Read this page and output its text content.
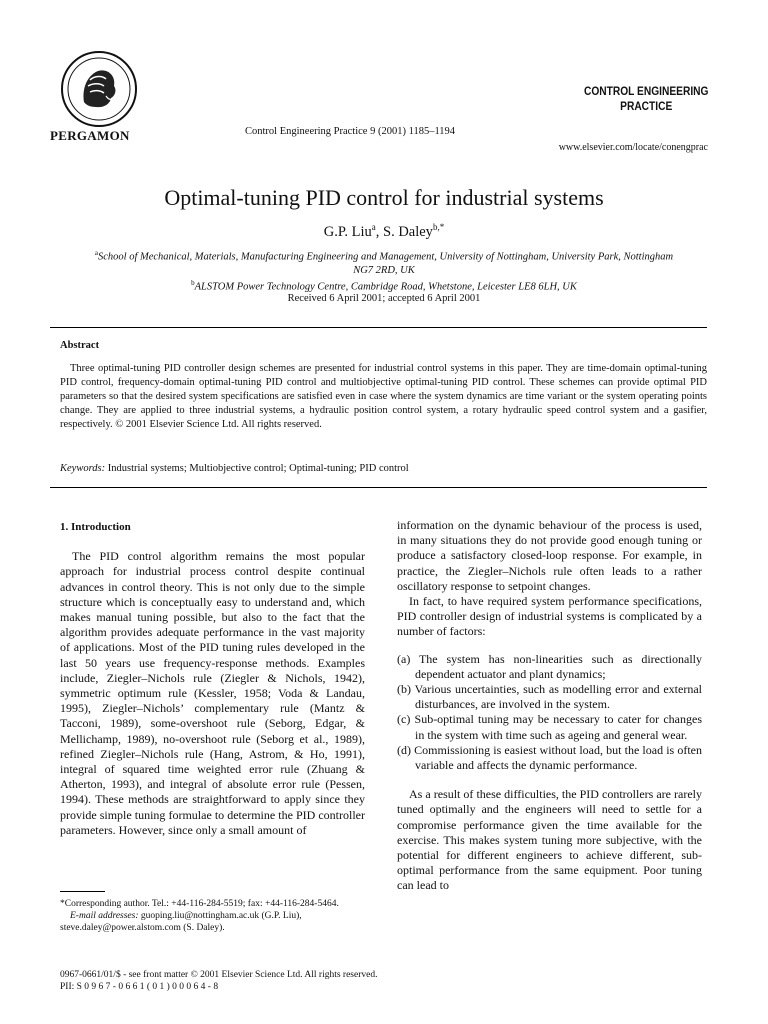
PERGAMON	Control Engineering Practice 9 (2001) 1185–1194
CONTROL ENGINEERING
PRACTICE
www.elsevier.com/locate/conengprac
Optimal-tuning PID control for industrial systems
G.P. Liu$^a$, S. Daley$^{b,*}$
$^a$School of Mechanical, Materials, Manufacturing Engineering and Management, University of Nottingham, University Park, Nottingham NG7 2RD, UK
$^b$ALSTOM Power Technology Centre, Cambridge Road, Whetstone, Leicester LE8 6LH, UK
Received 6 April 2001; accepted 6 April 2001
Abstract
Three optimal-tuning PID controller design schemes are presented for industrial control systems in this paper. They are time-domain optimal-tuning PID control, frequency-domain optimal-tuning PID control and multiobjective optimal-tuning PID control. These schemes can provide optimal PID parameters so that the desired system specifications are satisfied even in case where the system dynamics are time variant or the system operating points change. They are applied to three industrial systems, a hydraulic position control system, a rotary hydraulic speed control system and a gasifier, respectively. © 2001 Elsevier Science Ltd. All rights reserved.
Keywords: Industrial systems; Multiobjective control; Optimal-tuning; PID control
1. Introduction

The PID control algorithm remains the most popular approach for industrial process control despite continual advances in control theory. This is not only due to the simple structure which is conceptually easy to understand and, which makes manual tuning possible, but also to the fact that the algorithm provides adequate performance in the vast majority of applications. Most of the PID tuning rules developed in the last 50 years use frequency-response methods. Examples include, Ziegler–Nichols rule (Ziegler & Nichols, 1942), symmetric optimum rule (Kessler, 1958; Voda & Landau, 1995), Ziegler–Nichols’ complementary rule (Mantz & Tacconi, 1989), some-overshoot rule (Seborg, Edgar, & Mellichamp, 1989), no-overshoot rule (Seborg et al., 1989), refined Ziegler–Nichols rule (Hang, Astrom, & Ho, 1991), integral of squared time weighted error rule (Zhuang & Atherton, 1993), and integral of absolute error rule (Pessen, 1994). These methods are straightforward to apply since they provide simple tuning formulae to determine the PID controller parameters. However, since only a small amount of

information on the dynamic behaviour of the process is used, in many situations they do not provide good enough tuning or produce a satisfactory closed-loop response. For example, in practice, the Ziegler–Nichols rule often leads to a rather oscillatory response to setpoint changes.

In fact, to have required system performance specifications, PID controller design of industrial systems is complicated by a number of factors:

(a) The system has non-linearities such as directionally dependent actuator and plant dynamics;

(b) Various uncertainties, such as modelling error and external disturbances, are involved in the system.

(c) Sub-optimal tuning may be necessary to cater for changes in the system with time such as ageing and general wear.

(d) Commissioning is easiest without load, but the load is often variable and affects the dynamic performance.

As a result of these difficulties, the PID controllers are rarely tuned optimally and the engineers will need to settle for a compromise performance given the time available for the exercise. This makes system tuning more subjective, with the potential for different engineers to achieve different, sub-optimal performance from the same equipment. Poor tuning can lead to

*Corresponding author. Tel.: +44-116-284-5519; fax: +44-116-284-5464.
E-mail addresses: guoping.liu@nottingham.ac.uk (G.P. Liu), steve.daley@power.alstom.com (S. Daley).
0967-0661/01/$ - see front matter © 2001 Elsevier Science Ltd. All rights reserved.
PII: S 0 9 6 7 - 0 6 6 1 ( 0 1 ) 0 0 0 6 4 - 8
